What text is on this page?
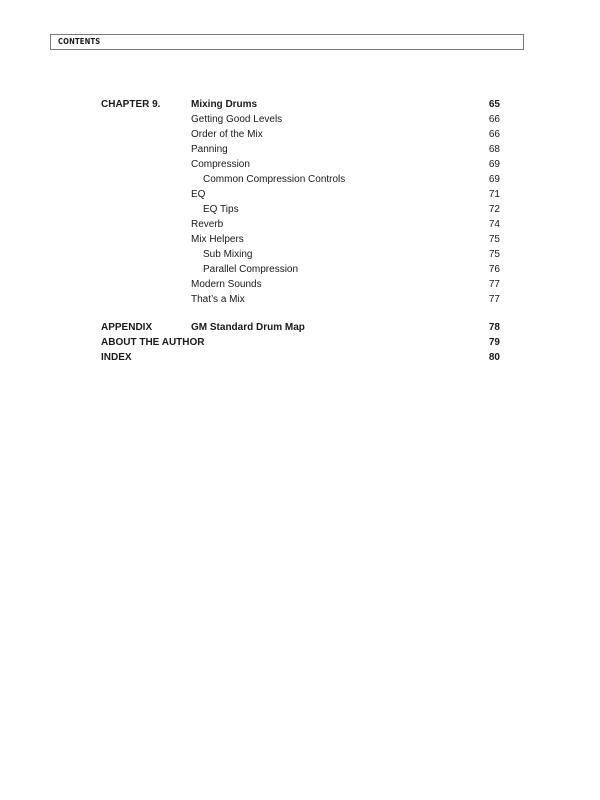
CONTENTS
CHAPTER 9.	Mixing Drums	65
Getting Good Levels	66
Order of the Mix	66
Panning	68
Compression	69
Common Compression Controls	69
EQ	71
EQ Tips	72
Reverb	74
Mix Helpers	75
Sub Mixing	75
Parallel Compression	76
Modern Sounds	77
That’s a Mix	77
APPENDIX	GM Standard Drum Map	78
ABOUT THE AUTHOR	79
INDEX	80
